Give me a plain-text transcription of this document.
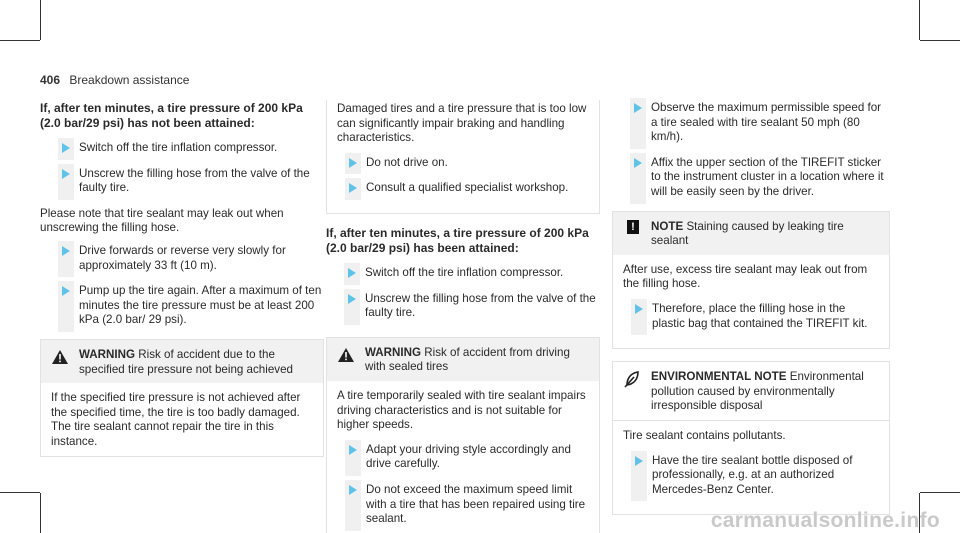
406 Breakdown assistance
If, after ten minutes, a tire pressure of 200 kPa (2.0 bar/29 psi) has not been attained:
Switch off the tire inflation compressor.
Unscrew the filling hose from the valve of the faulty tire.
Please note that tire sealant may leak out when unscrewing the filling hose.
Drive forwards or reverse very slowly for approximately 33 ft (10 m).
Pump up the tire again. After a maximum of ten minutes the tire pressure must be at least 200 kPa (2.0 bar/ 29 psi).
WARNING Risk of accident due to the specified tire pressure not being achieved
If the specified tire pressure is not achieved after the specified time, the tire is too badly damaged. The tire sealant cannot repair the tire in this instance.
Damaged tires and a tire pressure that is too low can significantly impair braking and handling characteristics.
Do not drive on.
Consult a qualified specialist workshop.
If, after ten minutes, a tire pressure of 200 kPa (2.0 bar/29 psi) has been attained:
Switch off the tire inflation compressor.
Unscrew the filling hose from the valve of the faulty tire.
WARNING Risk of accident from driving with sealed tires
A tire temporarily sealed with tire sealant impairs driving characteristics and is not suitable for higher speeds.
Adapt your driving style accordingly and drive carefully.
Do not exceed the maximum speed limit with a tire that has been repaired using tire sealant.
Observe the maximum permissible speed for a tire sealed with tire sealant 50 mph (80 km/h).
Affix the upper section of the TIREFIT sticker to the instrument cluster in a location where it will be easily seen by the driver.
!	NOTE Staining caused by leaking tire sealant
After use, excess tire sealant may leak out from the filling hose.
Therefore, place the filling hose in the plastic bag that contained the TIREFIT kit.
ENVIRONMENTAL NOTE Environmental pollution caused by environmentally irresponsible disposal
Tire sealant contains pollutants.
Have the tire sealant bottle disposed of professionally, e.g. at an authorized Mercedes-Benz Center.
carmanualsonline.info
